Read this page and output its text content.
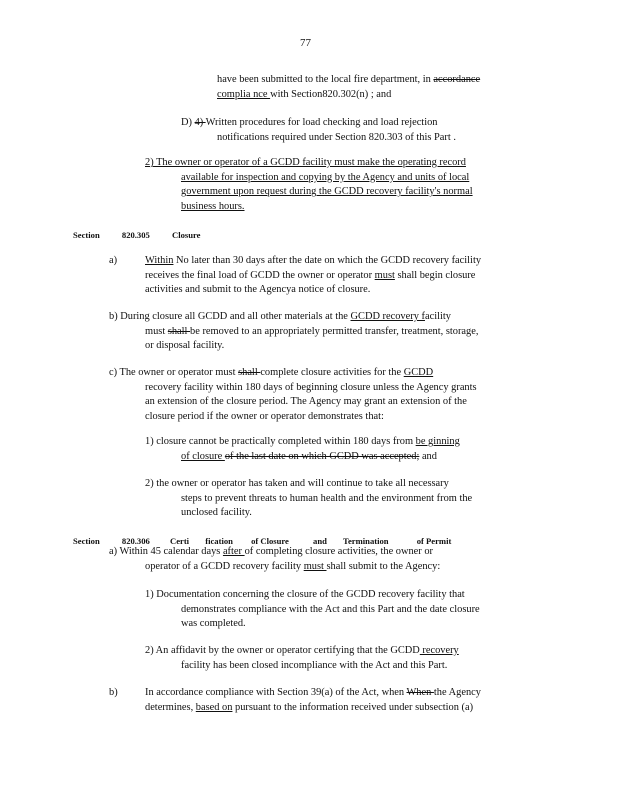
77
have been submitted to the local fire department, in accordance
complia nce with Section820.302(n) ; and
D) 4) Written procedures for load checking and load rejection
notifications required under Section 820.303 of this Part .
2) The owner or operator of a GCDD facility must make the operating record
available for inspection and copying by the Agency and units of local
government upon request during the GCDD recovery facility's normal
business hours.
Section	820.305	Closure
a)	Within No later than 30 days after the date on which the GCDD recovery facility
receives the final load of GCDD the owner or operator must shall begin closure
activities and submit to the Agencya notice of closure.
b) During closure all GCDD and all other materials at the GCDD recovery facility
must shall be removed to an appropriately permitted transfer, treatment, storage,
or disposal facility.
c) The owner or operator must shall complete closure activities for the GCDD
recovery facility within 180 days of beginning closure unless the Agency grants
an extension of the closure period. The Agency may grant an extension of the
closure period if the owner or operator demonstrates that:
1) closure cannot be practically completed within 180 days from be ginning
of closure of the last date on which GCDD was accepted; and
2) the owner or operator has taken and will continue to take all necessary
steps to prevent threats to human health and the environment from the
unclosed facility.
Section	820.306 Certi fication of Closure	and Termination	of Permit
a) Within 45 calendar days after of completing closure activities, the owner or
operator of a GCDD recovery facility must shall submit to the Agency:
1) Documentation concerning the closure of the GCDD recovery facility that
demonstrates compliance with the Act and this Part and the date closure
was completed.
2) An affidavit by the owner or operator certifying that the GCDD recovery
facility has been closed incompliance with the Act and this Part.
b)	In accordance compliance with Section 39(a) of the Act, when When the Agency
determines, based on pursuant to the information received under subsection (a)
